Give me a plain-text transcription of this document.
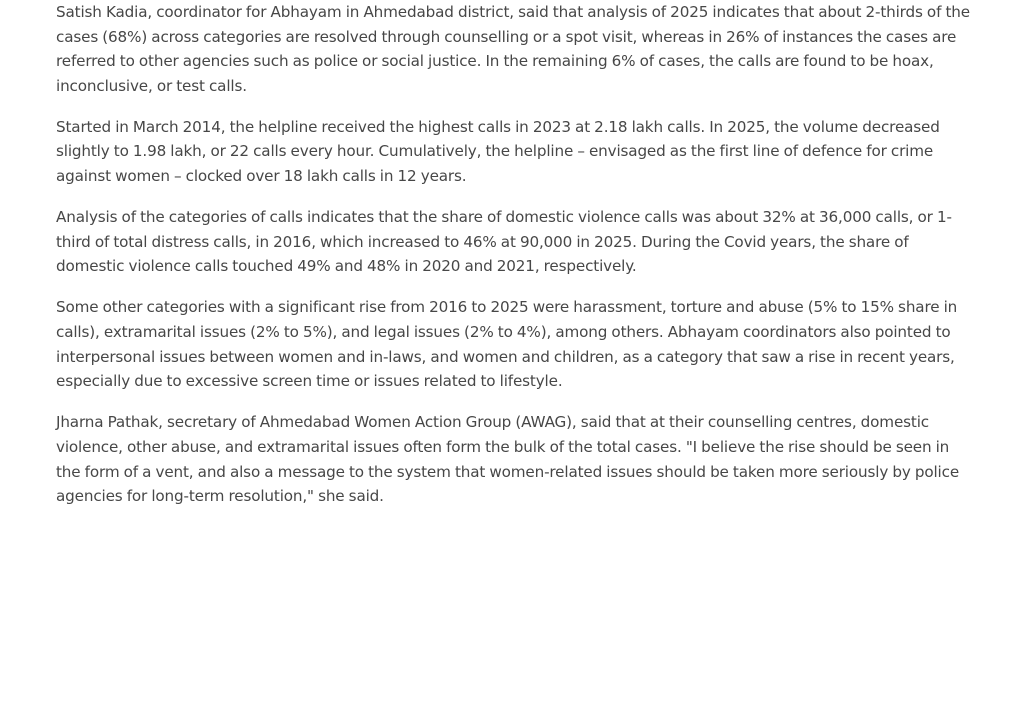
Satish Kadia, coordinator for Abhayam in Ahmedabad district, said that analysis of 2025 indicates that about 2-thirds of the cases (68%) across categories are resolved through counselling or a spot visit, whereas in 26% of instances the cases are referred to other agencies such as police or social justice. In the remaining 6% of cases, the calls are found to be hoax, inconclusive, or test calls.

Started in March 2014, the helpline received the highest calls in 2023 at 2.18 lakh calls. In 2025, the volume decreased slightly to 1.98 lakh, or 22 calls every hour. Cumulatively, the helpline – envisaged as the first line of defence for crime against women – clocked over 18 lakh calls in 12 years.

Analysis of the categories of calls indicates that the share of domestic violence calls was about 32% at 36,000 calls, or 1-third of total distress calls, in 2016, which increased to 46% at 90,000 in 2025. During the Covid years, the share of domestic violence calls touched 49% and 48% in 2020 and 2021, respectively.

Some other categories with a significant rise from 2016 to 2025 were harassment, torture and abuse (5% to 15% share in calls), extramarital issues (2% to 5%), and legal issues (2% to 4%), among others. Abhayam coordinators also pointed to interpersonal issues between women and in-laws, and women and children, as a category that saw a rise in recent years, especially due to excessive screen time or issues related to lifestyle.

Jharna Pathak, secretary of Ahmedabad Women Action Group (AWAG), said that at their counselling centres, domestic violence, other abuse, and extramarital issues often form the bulk of the total cases. "I believe the rise should be seen in the form of a vent, and also a message to the system that women-related issues should be taken more seriously by police agencies for long-term resolution," she said.
